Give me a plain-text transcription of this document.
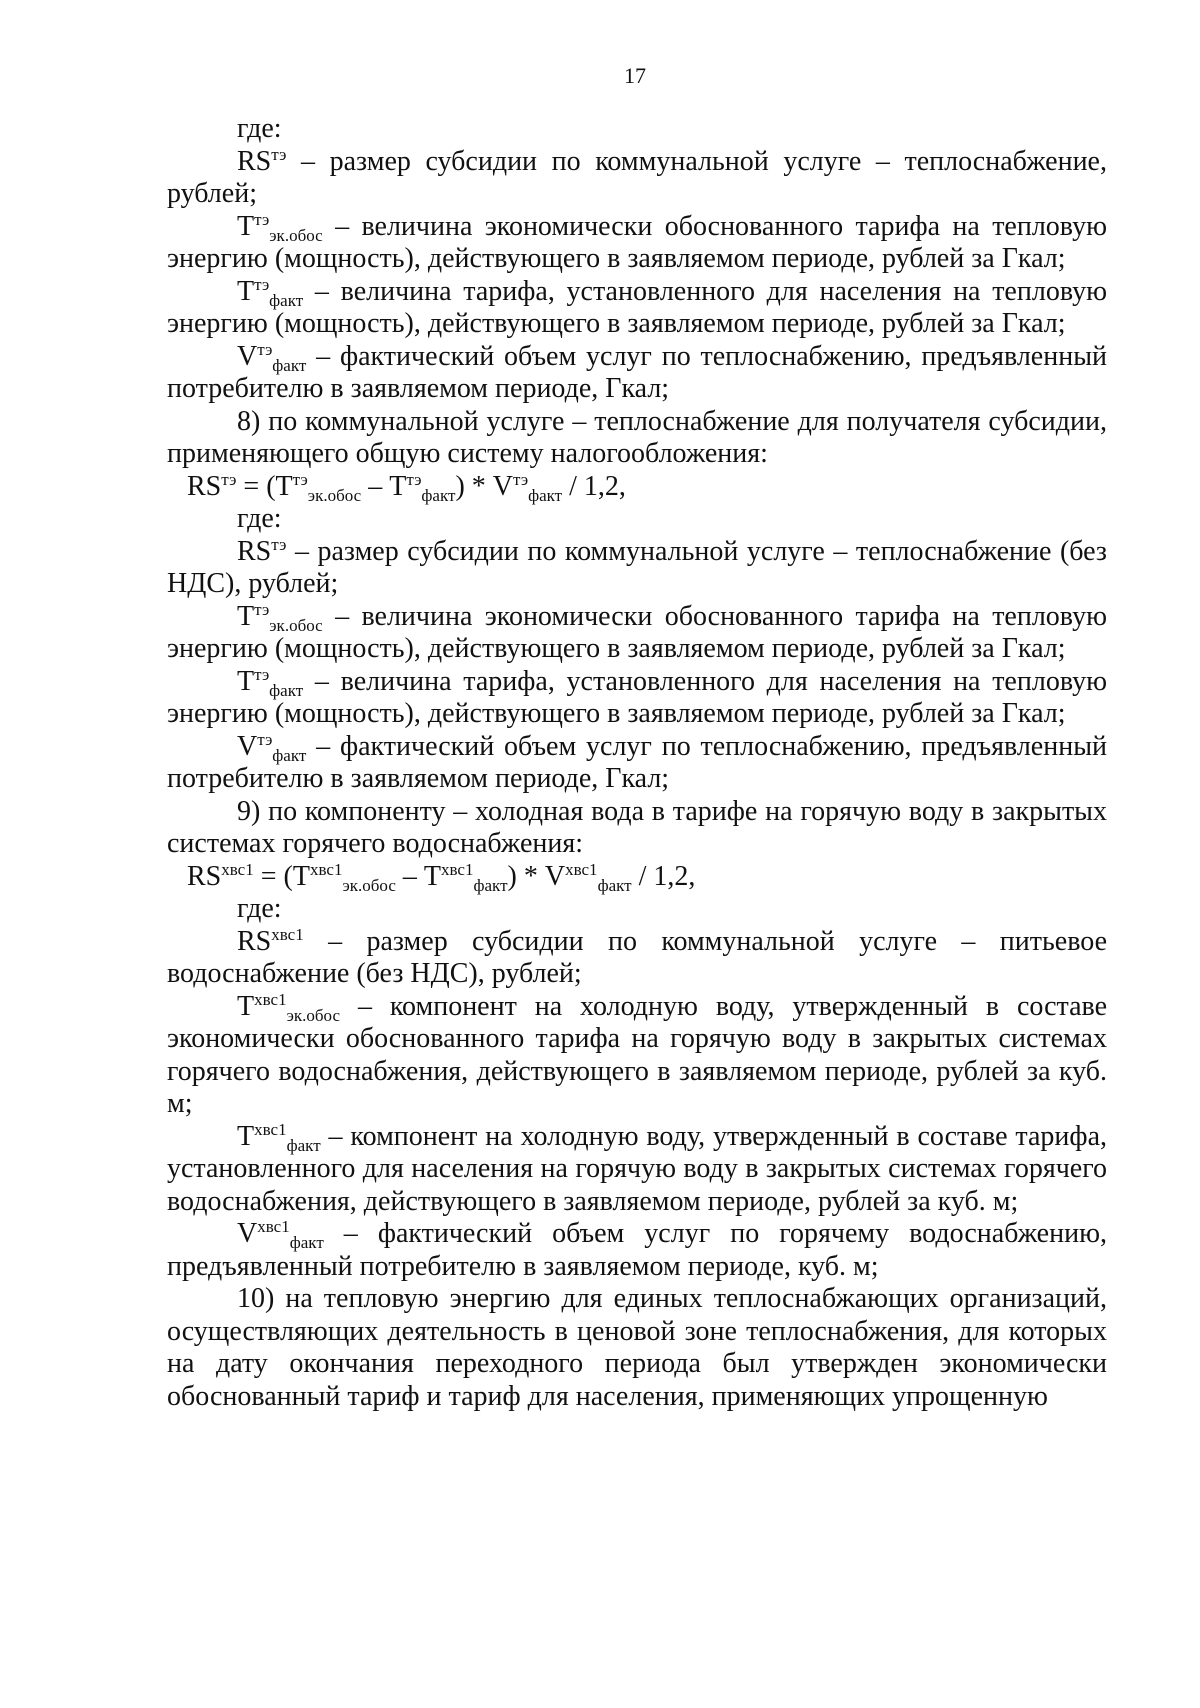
17

где:

$RS^{тэ}$ – размер субсидии по коммунальной услуге – теплоснабжение, рублей;

$T^{тэ}_{эк.обос}$ – величина экономически обоснованного тарифа на тепловую энергию (мощность), действующего в заявляемом периоде, рублей за Гкал;

$T^{тэ}_{факт}$ – величина тарифа, установленного для населения на тепловую энергию (мощность), действующего в заявляемом периоде, рублей за Гкал;

$V^{тэ}_{факт}$ – фактический объем услуг по теплоснабжению, предъявленный потребителю в заявляемом периоде, Гкал;

8) по коммунальной услуге – теплоснабжение для получателя субсидии, применяющего общую систему налогообложения:

$RS^{тэ} = (T^{тэ}_{эк.обос} - T^{тэ}_{факт}) * V^{тэ}_{факт} / 1,2$,

где:

$RS^{тэ}$ – размер субсидии по коммунальной услуге – теплоснабжение (без НДС), рублей;

$T^{тэ}_{эк.обос}$ – величина экономически обоснованного тарифа на тепловую энергию (мощность), действующего в заявляемом периоде, рублей за Гкал;

$T^{тэ}_{факт}$ – величина тарифа, установленного для населения на тепловую энергию (мощность), действующего в заявляемом периоде, рублей за Гкал;

$V^{тэ}_{факт}$ – фактический объем услуг по теплоснабжению, предъявленный потребителю в заявляемом периоде, Гкал;

9) по компоненту – холодная вода в тарифе на горячую воду в закрытых системах горячего водоснабжения:

$RS^{хвс1} = (T^{хвс1}_{эк.обос} - T^{хвс1}_{факт}) * V^{хвс1}_{факт} / 1,2$,

где:

$RS^{хвс1}$ – размер субсидии по коммунальной услуге – питьевое водоснабжение (без НДС), рублей;

$T^{хвс1}_{эк.обос}$ – компонент на холодную воду, утвержденный в составе экономически обоснованного тарифа на горячую воду в закрытых системах горячего водоснабжения, действующего в заявляемом периоде, рублей за куб. м;

$T^{хвс1}_{факт}$ – компонент на холодную воду, утвержденный в составе тарифа, установленного для населения на горячую воду в закрытых системах горячего водоснабжения, действующего в заявляемом периоде, рублей за куб. м;

$V^{хвс1}_{факт}$ – фактический объем услуг по горячему водоснабжению, предъявленный потребителю в заявляемом периоде, куб. м;

10) на тепловую энергию для единых теплоснабжающих организаций, осуществляющих деятельность в ценовой зоне теплоснабжения, для которых на дату окончания переходного периода был утвержден экономически обоснованный тариф и тариф для населения, применяющих упрощенную
